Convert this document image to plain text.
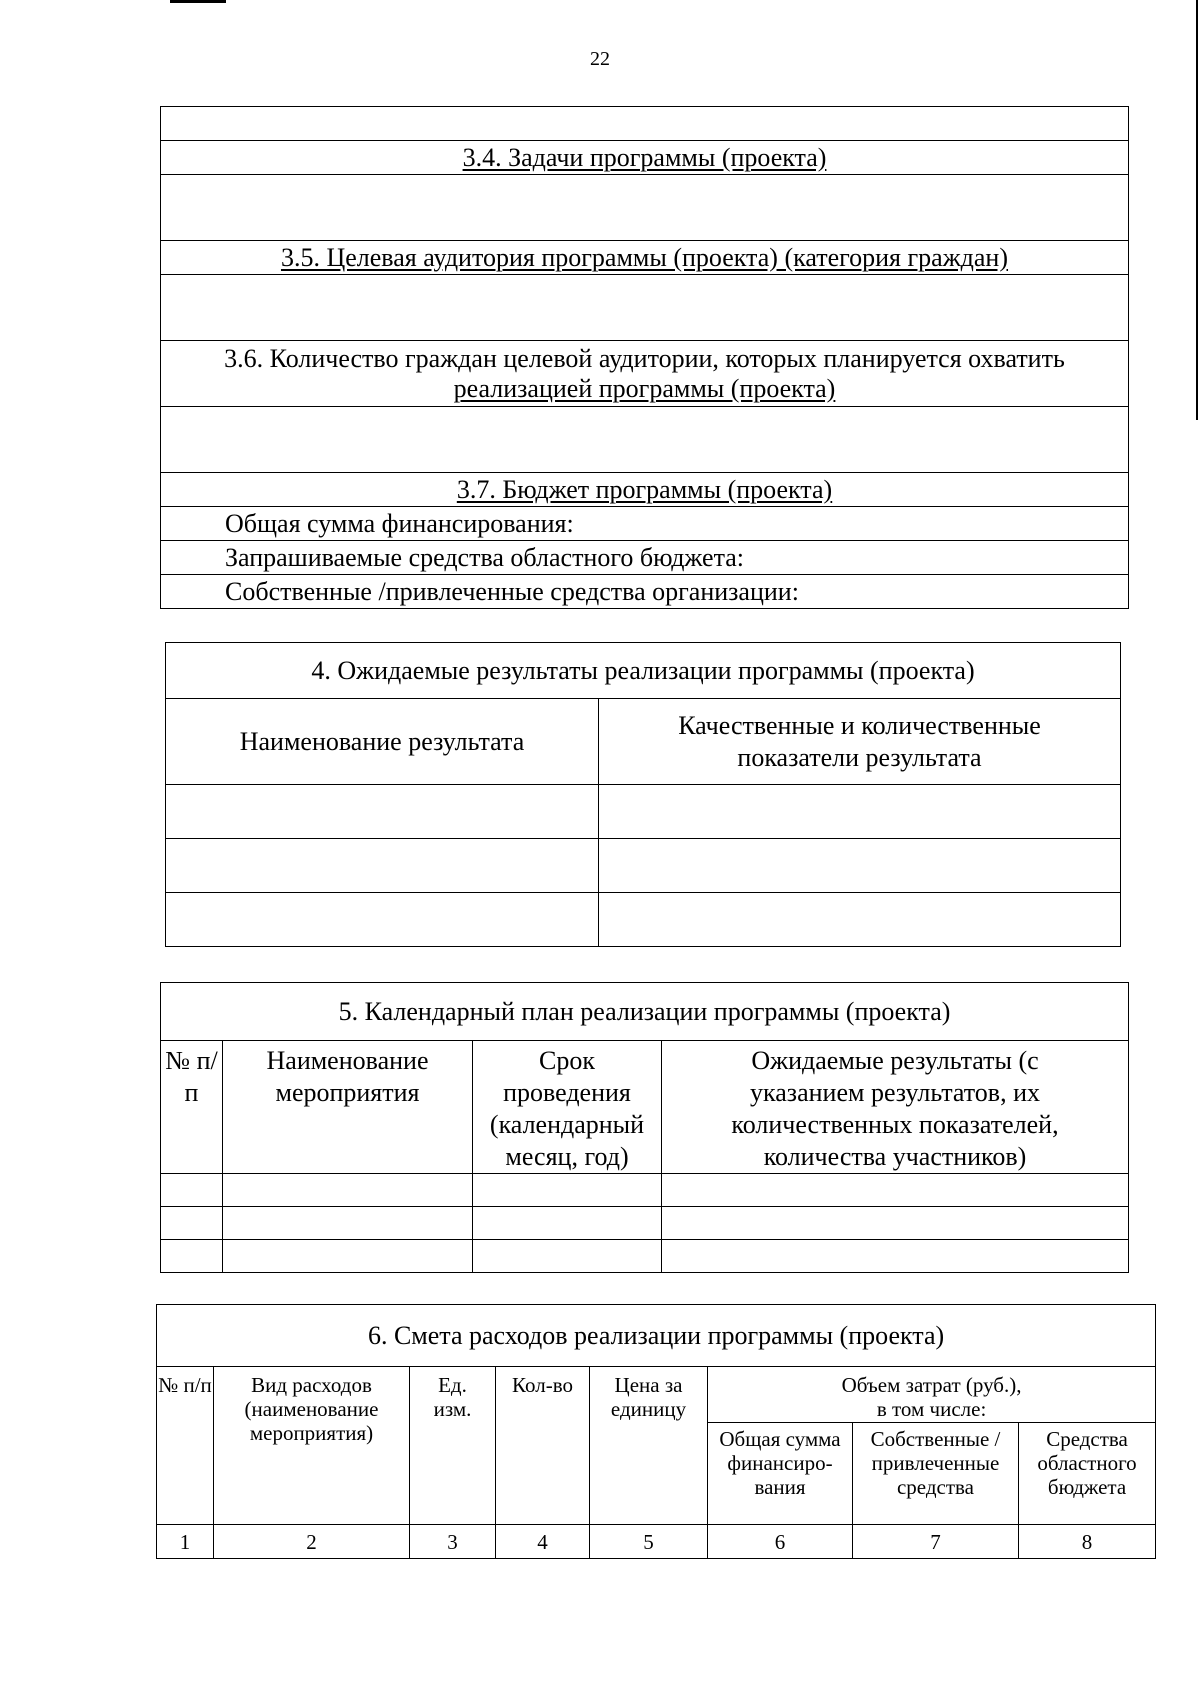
22

3.4. Задачи программы (проекта)

3.5. Целевая аудитория программы (проекта) (категория граждан)

3.6. Количество граждан целевой аудитории, которых планируется охватить
реализацией программы (проекта)

3.7. Бюджет программы (проекта)
Общая сумма финансирования:
Запрашиваемые средства областного бюджета:
Собственные /привлеченные средства организации:
4. Ожидаемые результаты реализации программы (проекта)	
Наименование результата	Качественные и количественные показатели результата

5. Календарный план реализации программы (проекта)			
№ п/п	Наименование мероприятия	Срок проведения (календарный месяц, год)	Ожидаемые результаты (с указанием результатов, их количественных показателей, количества участников)

6. Смета расходов реализации программы (проекта)							
№ п/п	Вид расходов (наименование мероприятия)	Ед. изм.	Кол-во	Цена за единицу	Объем затрат (руб.), в том числе:		
					Общая сумма финансиро-вания	Собственные / привлеченные средства	Средства областного бюджета
1	2	3	4	5	6	7	8
